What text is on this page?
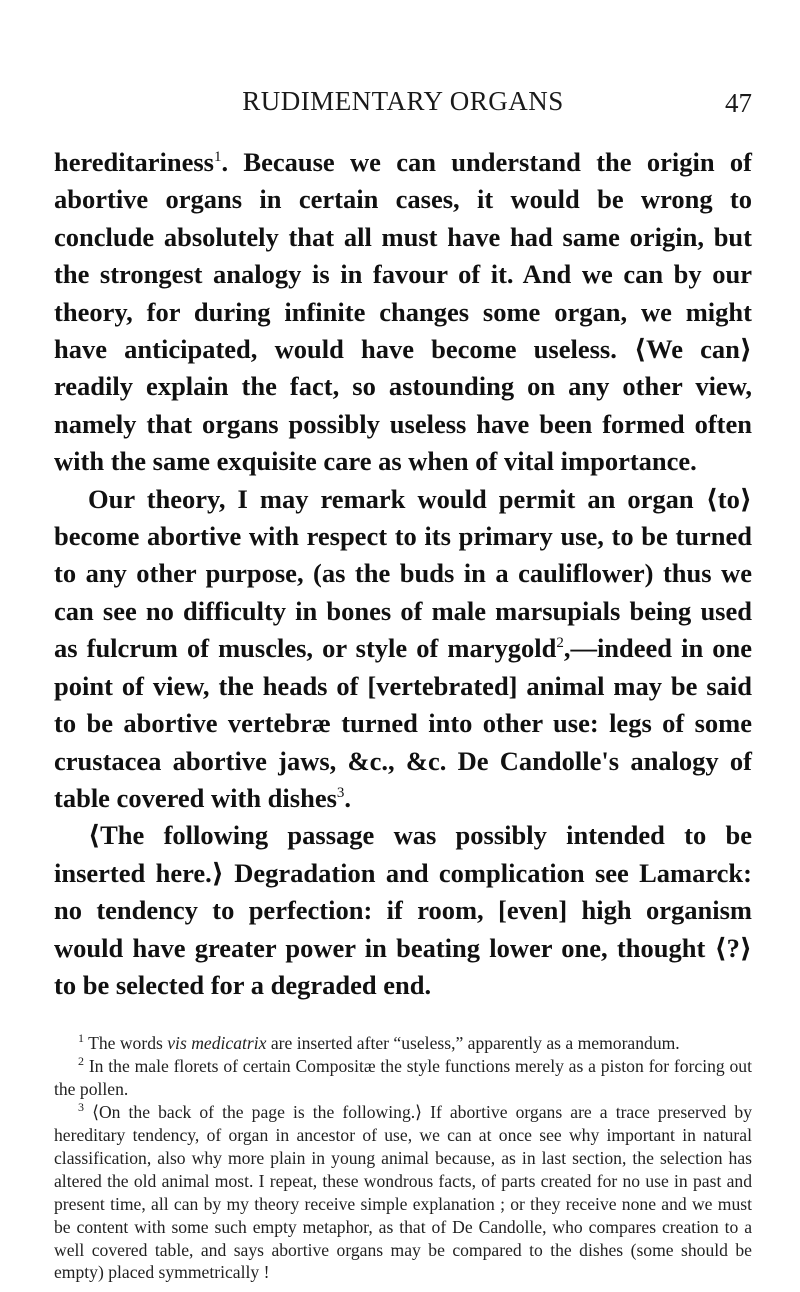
RUDIMENTARY ORGANS	47

hereditariness$^1$. Because we can understand the origin of abortive organs in certain cases, it would be wrong to conclude absolutely that all must have had same origin, but the strongest analogy is in favour of it. And we can by our theory, for during infinite changes some organ, we might have anticipated, would have become useless. ⟨We can⟩ readily explain the fact, so astounding on any other view, namely that organs possibly useless have been formed often with the same exquisite care as when of vital importance.

Our theory, I may remark would permit an organ ⟨to⟩ become abortive with respect to its primary use, to be turned to any other purpose, (as the buds in a cauliflower) thus we can see no difficulty in bones of male marsupials being used as fulcrum of muscles, or style of marygold$^2$,—indeed in one point of view, the heads of [vertebrated] animal may be said to be abortive vertebræ turned into other use: legs of some crustacea abortive jaws, &c., &c. De Candolle's analogy of table covered with dishes$^3$.

⟨The following passage was possibly intended to be inserted here.⟩ Degradation and complication see Lamarck: no tendency to perfection: if room, [even] high organism would have greater power in beating lower one, thought ⟨?⟩ to be selected for a degraded end.

$^1$ The words vis medicatrix are inserted after “useless,” apparently as a memorandum.

$^2$ In the male florets of certain Compositæ the style functions merely as a piston for forcing out the pollen.

$^3$ ⟨On the back of the page is the following.⟩ If abortive organs are a trace preserved by hereditary tendency, of organ in ancestor of use, we can at once see why important in natural classification, also why more plain in young animal because, as in last section, the selection has altered the old animal most. I repeat, these wondrous facts, of parts created for no use in past and present time, all can by my theory receive simple explanation ; or they receive none and we must be content with some such empty metaphor, as that of De Candolle, who compares creation to a well covered table, and says abortive organs may be compared to the dishes (some should be empty) placed symmetrically !
